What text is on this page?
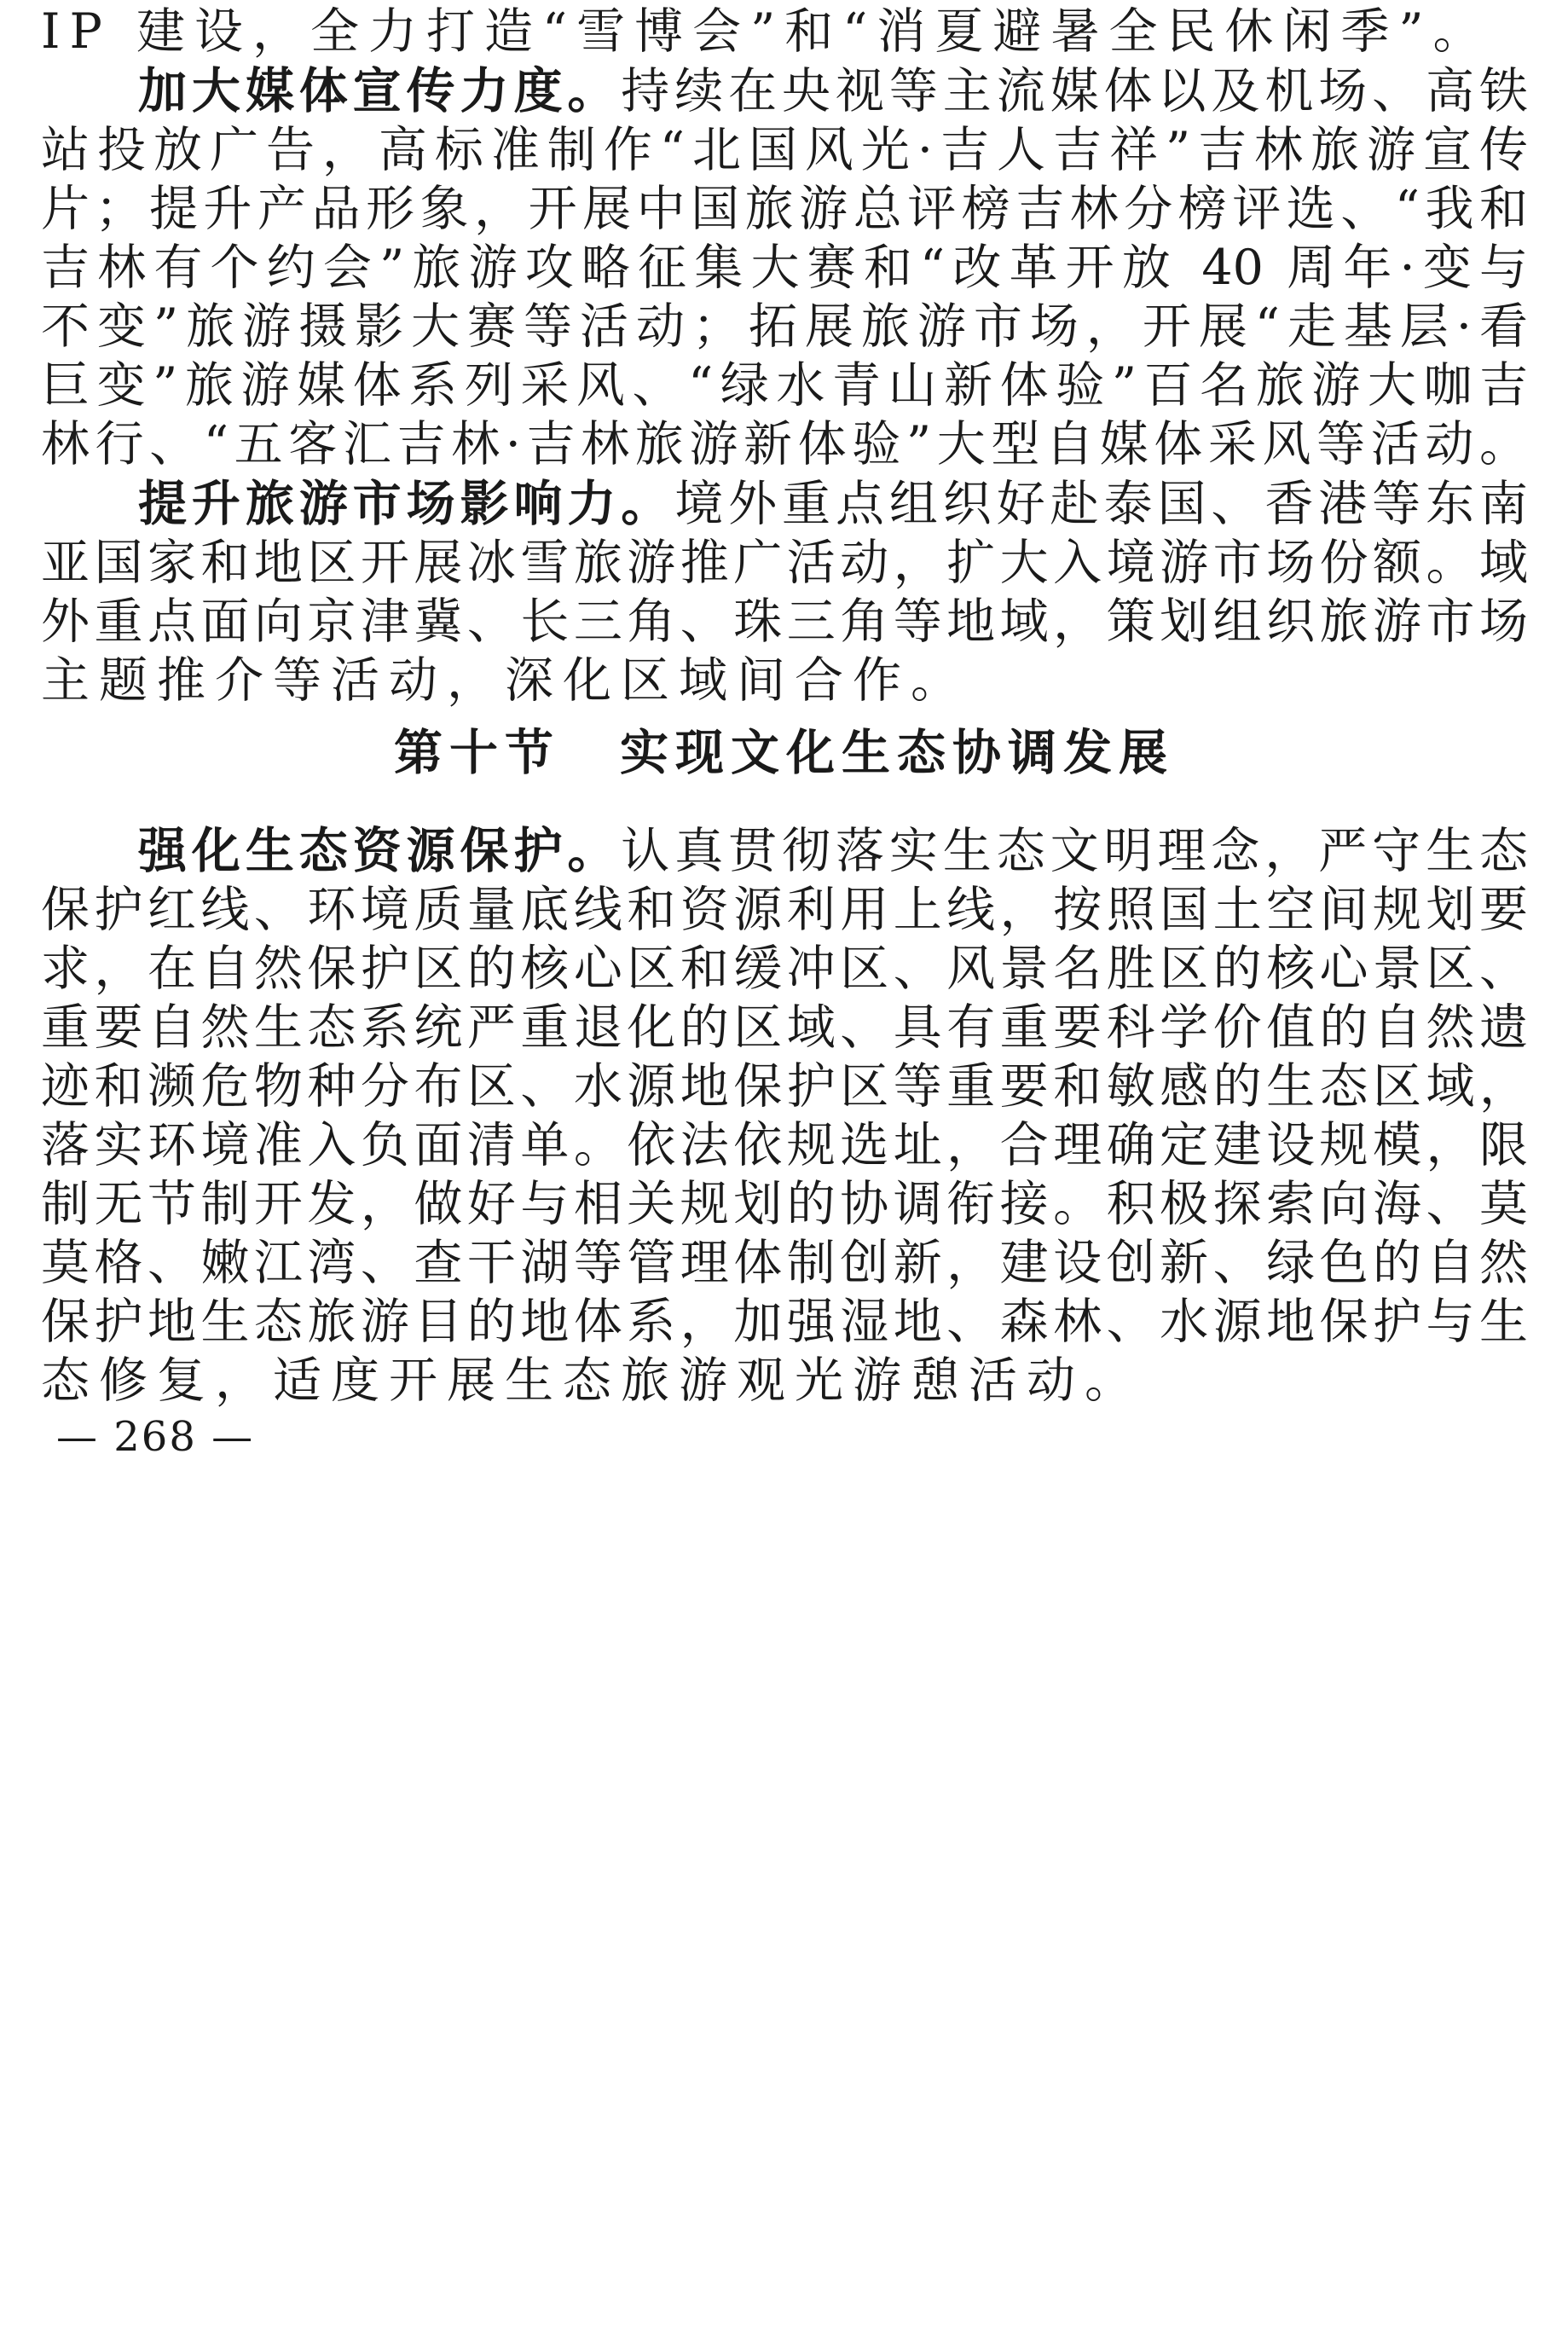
IP 建设，全力打造“雪博会”和“消夏避暑全民休闲季”。
加大媒体宣传力度。持续在央视等主流媒体以及机场、高铁
站投放广告，高标准制作“北国风光·吉人吉祥”吉林旅游宣传
片；提升产品形象，开展中国旅游总评榜吉林分榜评选、“我和
吉林有个约会”旅游攻略征集大赛和“改革开放 40 周年·变与
不变”旅游摄影大赛等活动；拓展旅游市场，开展“走基层·看
巨变”旅游媒体系列采风、“绿水青山新体验”百名旅游大咖吉
林行、“五客汇吉林·吉林旅游新体验”大型自媒体采风等活动。
提升旅游市场影响力。境外重点组织好赴泰国、香港等东南
亚国家和地区开展冰雪旅游推广活动，扩大入境游市场份额。域
外重点面向京津冀、长三角、珠三角等地域，策划组织旅游市场
主题推介等活动，深化区域间合作。
第十节 实现文化生态协调发展
强化生态资源保护。认真贯彻落实生态文明理念，严守生态
保护红线、环境质量底线和资源利用上线，按照国土空间规划要
求，在自然保护区的核心区和缓冲区、风景名胜区的核心景区、
重要自然生态系统严重退化的区域、具有重要科学价值的自然遗
迹和濒危物种分布区、水源地保护区等重要和敏感的生态区域，
落实环境准入负面清单。依法依规选址，合理确定建设规模，限
制无节制开发，做好与相关规划的协调衔接。积极探索向海、莫
莫格、嫩江湾、查干湖等管理体制创新，建设创新、绿色的自然
保护地生态旅游目的地体系，加强湿地、森林、水源地保护与生
态修复，适度开展生态旅游观光游憩活动。
— 268 —
